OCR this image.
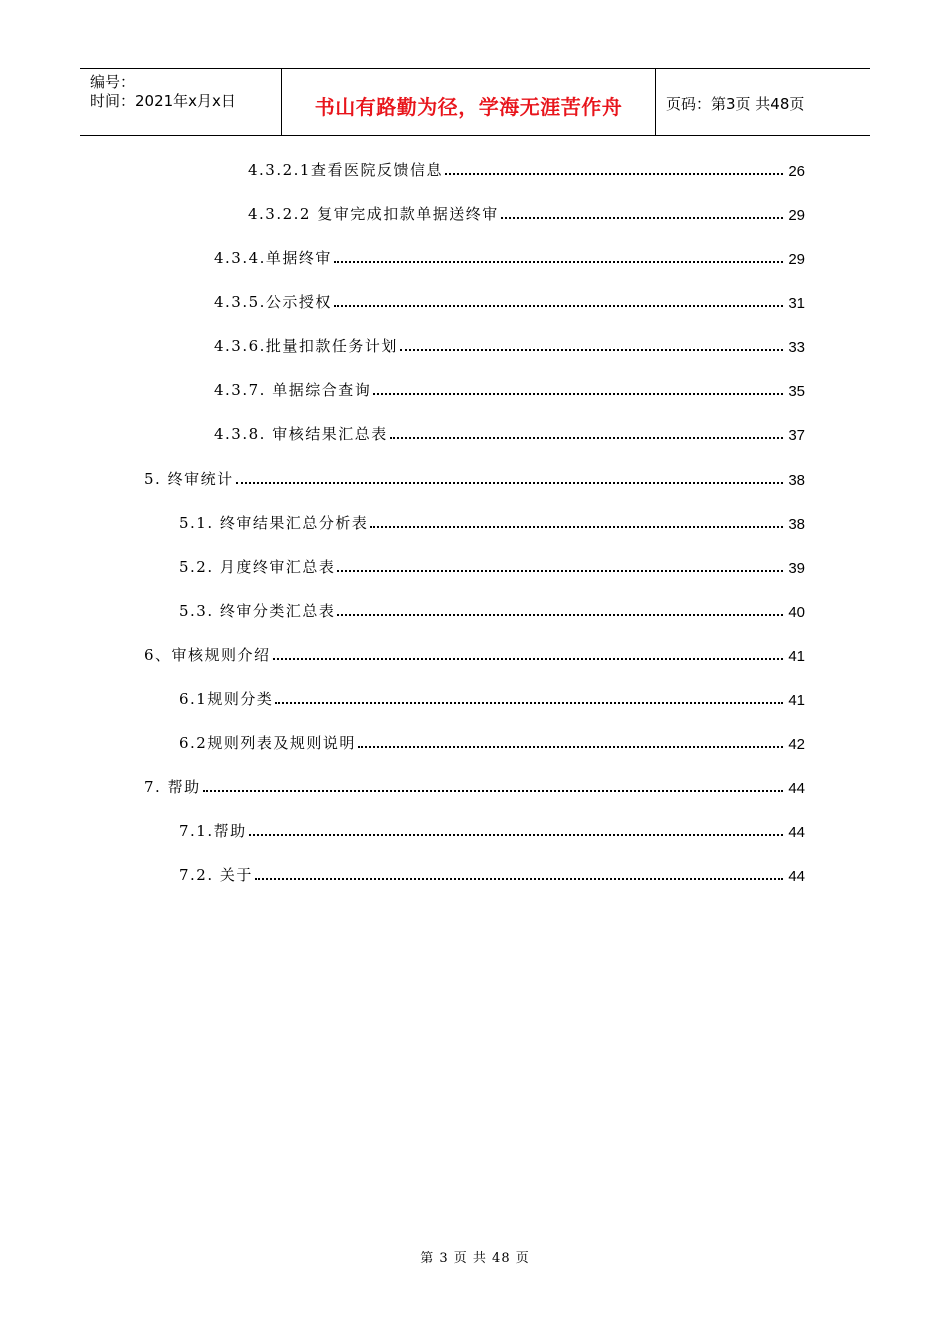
编号：
时间：2021年x月x日	书山有路勤为径，学海无涯苦作舟	页码：第3页 共48页
4.3.2.1查看医院反馈信息	26
4.3.2.2 复审完成扣款单据送终审	29
4.3.4.单据终审	29
4.3.5.公示授权	31
4.3.6.批量扣款任务计划	33
4.3.7. 单据综合查询	35
4.3.8. 审核结果汇总表	37
5. 终审统计	38
5.1. 终审结果汇总分析表	38
5.2. 月度终审汇总表	39
5.3. 终审分类汇总表	40
6、审核规则介绍	41
6.1规则分类	41
6.2规则列表及规则说明	42
7. 帮助	44
7.1.帮助	44
7.2. 关于	44
第 3 页 共 48 页
